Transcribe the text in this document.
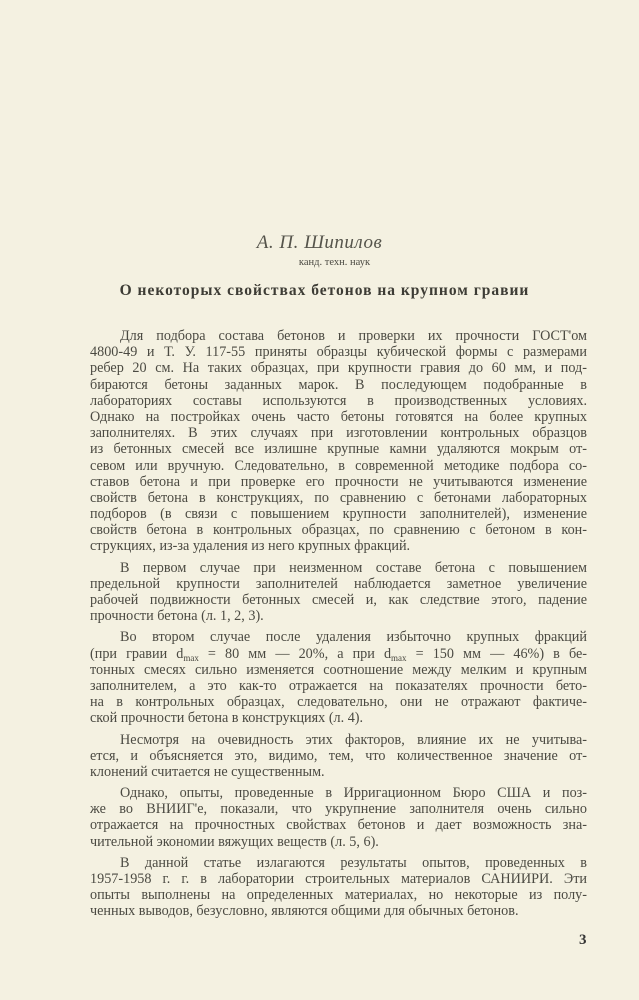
А. П. Шипилов
канд. техн. наук
О некоторых свойствах бетонов на крупном гравии
Для подбора состава бетонов и проверки их прочности ГОСТ'ом
4800-49 и Т. У. 117-55 приняты образцы кубической формы с размерами
ребер 20 см. На таких образцах, при крупности гравия до 60 мм, и под-
бираются бетоны заданных марок. В последующем подобранные в
лабораториях составы используются в производственных условиях.
Однако на постройках очень часто бетоны готовятся на более крупных
заполнителях. В этих случаях при изготовлении контрольных образцов
из бетонных смесей все излишне крупные камни удаляются мокрым от-
севом или вручную. Следовательно, в современной методике подбора со-
ставов бетона и при проверке его прочности не учитываются изменение
свойств бетона в конструкциях, по сравнению с бетонами лабораторных
подборов (в связи с повышением крупности заполнителей), изменение
свойств бетона в контрольных образцах, по сравнению с бетоном в кон-
струкциях, из-за удаления из него крупных фракций.
В первом случае при неизменном составе бетона с повышением
предельной крупности заполнителей наблюдается заметное увеличение
рабочей подвижности бетонных смесей и, как следствие этого, падение
прочности бетона (л. 1, 2, 3).
Во втором случае после удаления избыточно крупных фракций
(при гравии $d_{max} = 80$ мм — 20%, а при $d_{max} = 150$ мм — 46%) в бе-
тонных смесях сильно изменяется соотношение между мелким и крупным
заполнителем, а это как-то отражается на показателях прочности бето-
на в контрольных образцах, следовательно, они не отражают фактиче-
ской прочности бетона в конструкциях (л. 4).
Несмотря на очевидность этих факторов, влияние их не учитыва-
ется, и объясняется это, видимо, тем, что количественное значение от-
клонений считается не существенным.
Однако, опыты, проведенные в Ирригационном Бюро США и поз-
же во ВНИИГ'е, показали, что укрупнение заполнителя очень сильно
отражается на прочностных свойствах бетонов и дает возможность зна-
чительной экономии вяжущих веществ (л. 5, 6).
В данной статье излагаются результаты опытов, проведенных в
1957-1958 г. г. в лаборатории строительных материалов САНИИРИ. Эти
опыты выполнены на определенных материалах, но некоторые из полу-
ченных выводов, безусловно, являются общими для обычных бетонов.
3
